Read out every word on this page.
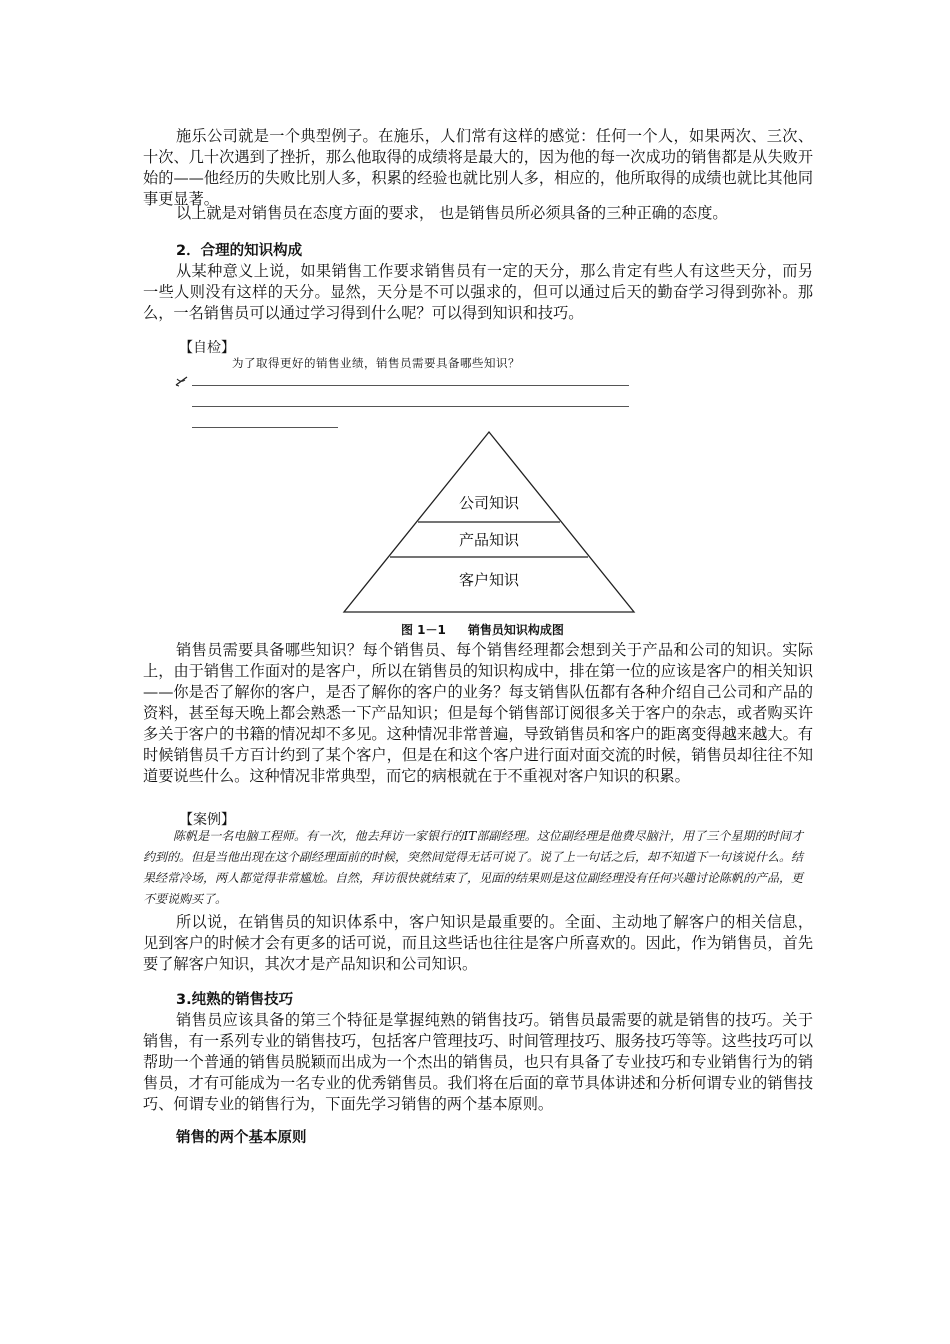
施乐公司就是一个典型例子。在施乐，人们常有这样的感觉：任何一个人，如果两次、三次、十次、几十次遇到了挫折，那么他取得的成绩将是最大的，因为他的每一次成功的销售都是从失败开始的——他经历的失败比别人多，积累的经验也就比别人多，相应的，他所取得的成绩也就比其他同事更显著。

以上就是对销售员在态度方面的要求， 也是销售员所必须具备的三种正确的态度。

2．合理的知识构成

从某种意义上说，如果销售工作要求销售员有一定的天分，那么肯定有些人有这些天分，而另一些人则没有这样的天分。显然，天分是不可以强求的，但可以通过后天的勤奋学习得到弥补。那么，一名销售员可以通过学习得到什么呢？可以得到知识和技巧。

【自检】
为了取得更好的销售业绩，销售员需要具备哪些知识？
公司知识
产品知识
客户知识
图 1－1 销售员知识构成图

销售员需要具备哪些知识？每个销售员、每个销售经理都会想到关于产品和公司的知识。实际上，由于销售工作面对的是客户，所以在销售员的知识构成中，排在第一位的应该是客户的相关知识——你是否了解你的客户，是否了解你的客户的业务？每支销售队伍都有各种介绍自己公司和产品的资料，甚至每天晚上都会熟悉一下产品知识；但是每个销售部订阅很多关于客户的杂志，或者购买许多关于客户的书籍的情况却不多见。这种情况非常普遍，导致销售员和客户的距离变得越来越大。有时候销售员千方百计约到了某个客户，但是在和这个客户进行面对面交流的时候，销售员却往往不知道要说些什么。这种情况非常典型，而它的病根就在于不重视对客户知识的积累。

【案例】

陈帆是一名电脑工程师。有一次，他去拜访一家银行的IT部副经理。这位副经理是他费尽脑汁，用了三个星期的时间才约到的。但是当他出现在这个副经理面前的时候，突然间觉得无话可说了。说了上一句话之后，却不知道下一句该说什么。结果经常冷场，两人都觉得非常尴尬。自然，拜访很快就结束了，见面的结果则是这位副经理没有任何兴趣讨论陈帆的产品，更不要说购买了。

所以说，在销售员的知识体系中，客户知识是最重要的。全面、主动地了解客户的相关信息，见到客户的时候才会有更多的话可说，而且这些话也往往是客户所喜欢的。因此，作为销售员，首先要了解客户知识，其次才是产品知识和公司知识。

3.纯熟的销售技巧

销售员应该具备的第三个特征是掌握纯熟的销售技巧。销售员最需要的就是销售的技巧。关于销售，有一系列专业的销售技巧，包括客户管理技巧、时间管理技巧、服务技巧等等。这些技巧可以帮助一个普通的销售员脱颖而出成为一个杰出的销售员，也只有具备了专业技巧和专业销售行为的销售员，才有可能成为一名专业的优秀销售员。我们将在后面的章节具体讲述和分析何谓专业的销售技巧、何谓专业的销售行为，下面先学习销售的两个基本原则。

销售的两个基本原则
